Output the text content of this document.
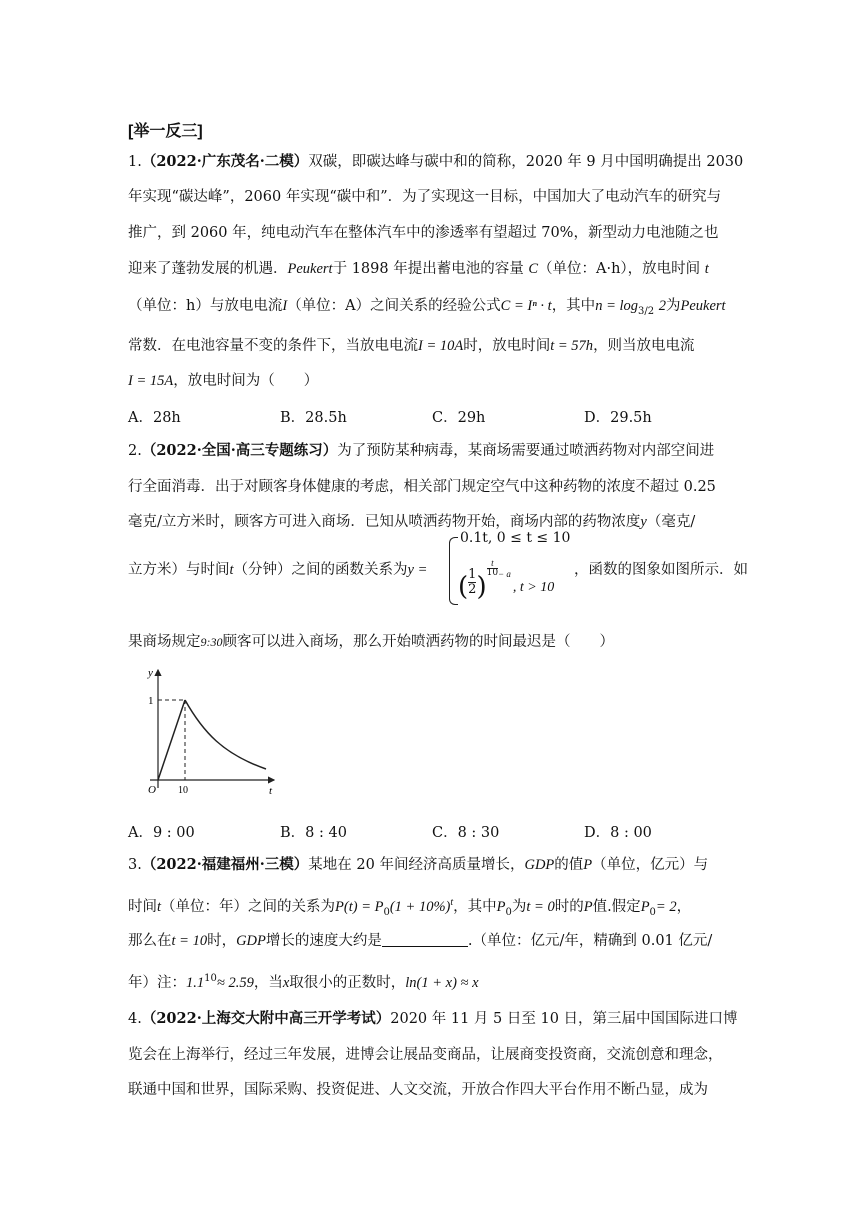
[举一反三]
1.（2022·广东茂名·二模）双碳，即碳达峰与碳中和的简称，2020 年 9 月中国明确提出 2030
年实现“碳达峰”，2060 年实现“碳中和”．为了实现这一目标，中国加大了电动汽车的研究与
推广，到 2060 年，纯电动汽车在整体汽车中的渗透率有望超过 70%，新型动力电池随之也
迎来了蓬勃发展的机遇．Peukert于 1898 年提出蓄电池的容量 C（单位：A·h），放电时间 t
（单位：h）与放电电流I（单位：A）之间关系的经验公式C = Iⁿ · t，其中$n = \log_{3/2} 2$为Peukert
常数．在电池容量不变的条件下，当放电电流I = 10A时，放电时间t = 57h，则当放电电流
I = 15A，放电时间为（　　）
A．28h	B．28.5h	C．29h	D．29.5h
2.（2022·全国·高三专题练习）为了预防某种病毒，某商场需要通过喷洒药物对内部空间进
行全面消毒．出于对顾客身体健康的考虑，相关部门规定空气中这种药物的浓度不超过 0.25
毫克/立方米时，顾客方可进入商场．已知从喷洒药物开始，商场内部的药物浓度y（毫克/
立方米）与时间t（分钟）之间的函数关系为y =
0.1t, 0 ≤ t ≤ 10
( $\frac{1}{2}$ )
$^{\frac{t}{10} - a}$, t > 10
，函数的图象如图所示．如
果商场规定9:30顾客可以进入商场，那么开始喷洒药物的时间最迟是（　　）
y
1
O 10	t
A．9 : 00	B．8 : 40	C．8 : 30	D．8 : 00
3.（2022·福建福州·三模）某地在 20 年间经济高质量增长，GDP的值P（单位，亿元）与
时间t（单位：年）之间的关系为$P(t) = P_0(1 + 10\%)^t$，其中$P_0$为t = 0时的P值.假定$P_0= 2$，
那么在t = 10时，GDP增长的速度大约是	.（单位：亿元/年，精确到 0.01 亿元/
年）注：$1.1^{10}\approx 2.59$，当x取很小的正数时，ln(1 + x) ≈ x
4.（2022·上海交大附中高三开学考试）2020 年 11 月 5 日至 10 日，第三届中国国际进口博
览会在上海举行，经过三年发展，进博会让展品变商品，让展商变投资商，交流创意和理念，
联通中国和世界，国际采购、投资促进、人文交流，开放合作四大平台作用不断凸显，成为
